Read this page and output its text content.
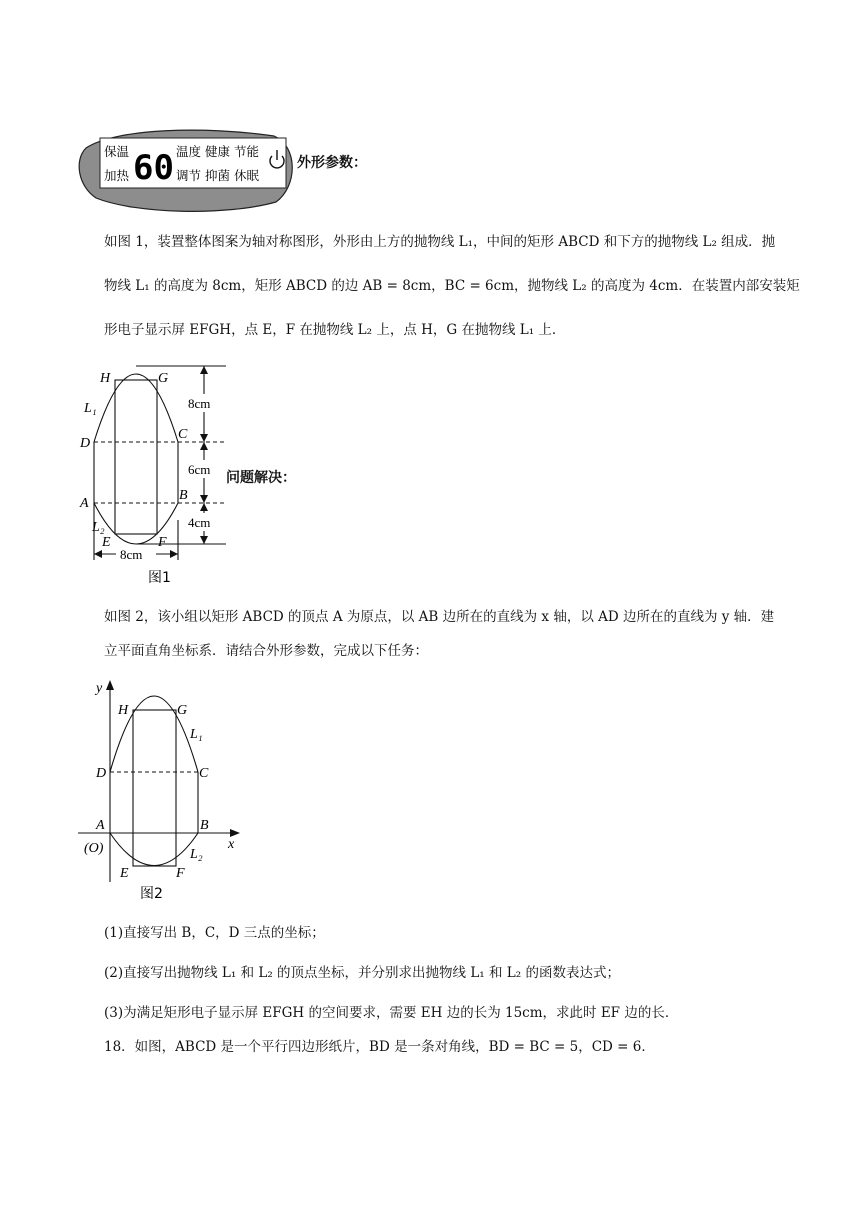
保温
加热 60 温度 健康 节能
调节 抑菌 休眠
外形参数：
如图 1，装置整体图案为轴对称图形，外形由上方的抛物线 L₁，中间的矩形 ABCD 和下方的抛物线 L₂ 组成．抛
物线 L₁ 的高度为 8cm，矩形 ABCD 的边 AB = 8cm，BC = 6cm，抛物线 L₂ 的高度为 4cm．在装置内部安装矩
形电子显示屏 EFGH，点 E，F 在抛物线 L₂ 上，点 H，G 在抛物线 L₁ 上．
H	G
L₁
D
C
A
B
L₂
E	F
8cm
6cm
4cm
8cm
图1
问题解决：
如图 2，该小组以矩形 ABCD 的顶点 A 为原点，以 AB 边所在的直线为 x 轴，以 AD 边所在的直线为 y 轴．建
立平面直角坐标系．请结合外形参数，完成以下任务：
y
x
H	G
L₁
D	C
A
(O)
B
L₂
E	F
图2
(1)直接写出 B，C，D 三点的坐标；
(2)直接写出抛物线 L₁ 和 L₂ 的顶点坐标，并分别求出抛物线 L₁ 和 L₂ 的函数表达式；
(3)为满足矩形电子显示屏 EFGH 的空间要求，需要 EH 边的长为 15cm，求此时 EF 边的长．
18．如图，ABCD 是一个平行四边形纸片，BD 是一条对角线，BD = BC = 5，CD = 6．
